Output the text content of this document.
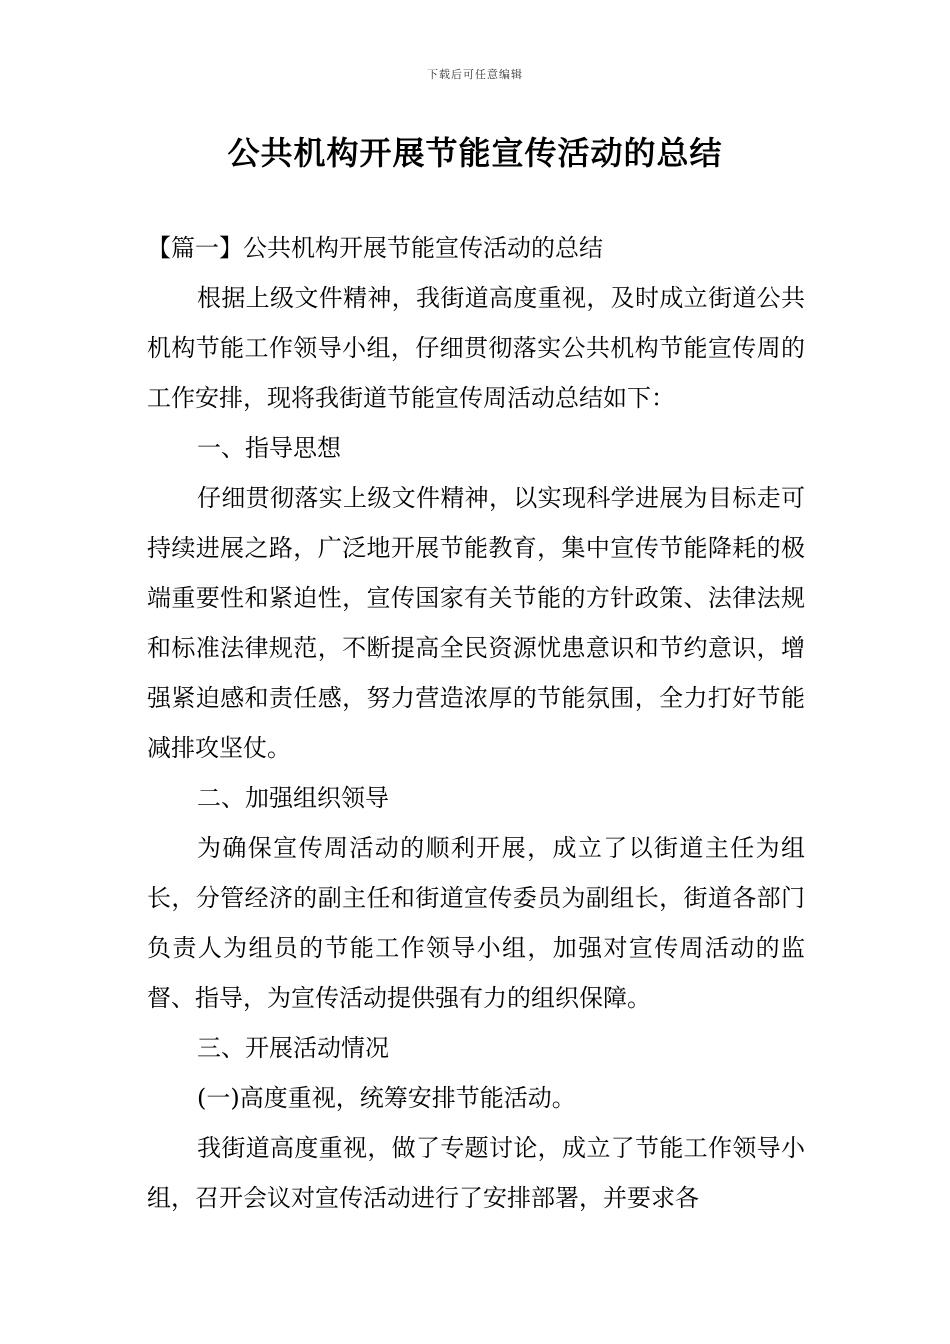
下载后可任意编辑
公共机构开展节能宣传活动的总结

【篇一】公共机构开展节能宣传活动的总结

根据上级文件精神，我街道高度重视，及时成立街道公共机构节能工作领导小组，仔细贯彻落实公共机构节能宣传周的工作安排，现将我街道节能宣传周活动总结如下：

一、指导思想

仔细贯彻落实上级文件精神，以实现科学进展为目标走可持续进展之路，广泛地开展节能教育，集中宣传节能降耗的极端重要性和紧迫性，宣传国家有关节能的方针政策、法律法规和标准法律规范，不断提高全民资源忧患意识和节约意识，增强紧迫感和责任感，努力营造浓厚的节能氛围，全力打好节能减排攻坚仗。

二、加强组织领导

为确保宣传周活动的顺利开展，成立了以街道主任为组长，分管经济的副主任和街道宣传委员为副组长，街道各部门负责人为组员的节能工作领导小组，加强对宣传周活动的监督、指导，为宣传活动提供强有力的组织保障。

三、开展活动情况

(一)高度重视，统筹安排节能活动。

我街道高度重视，做了专题讨论，成立了节能工作领导小组，召开会议对宣传活动进行了安排部署，并要求各
